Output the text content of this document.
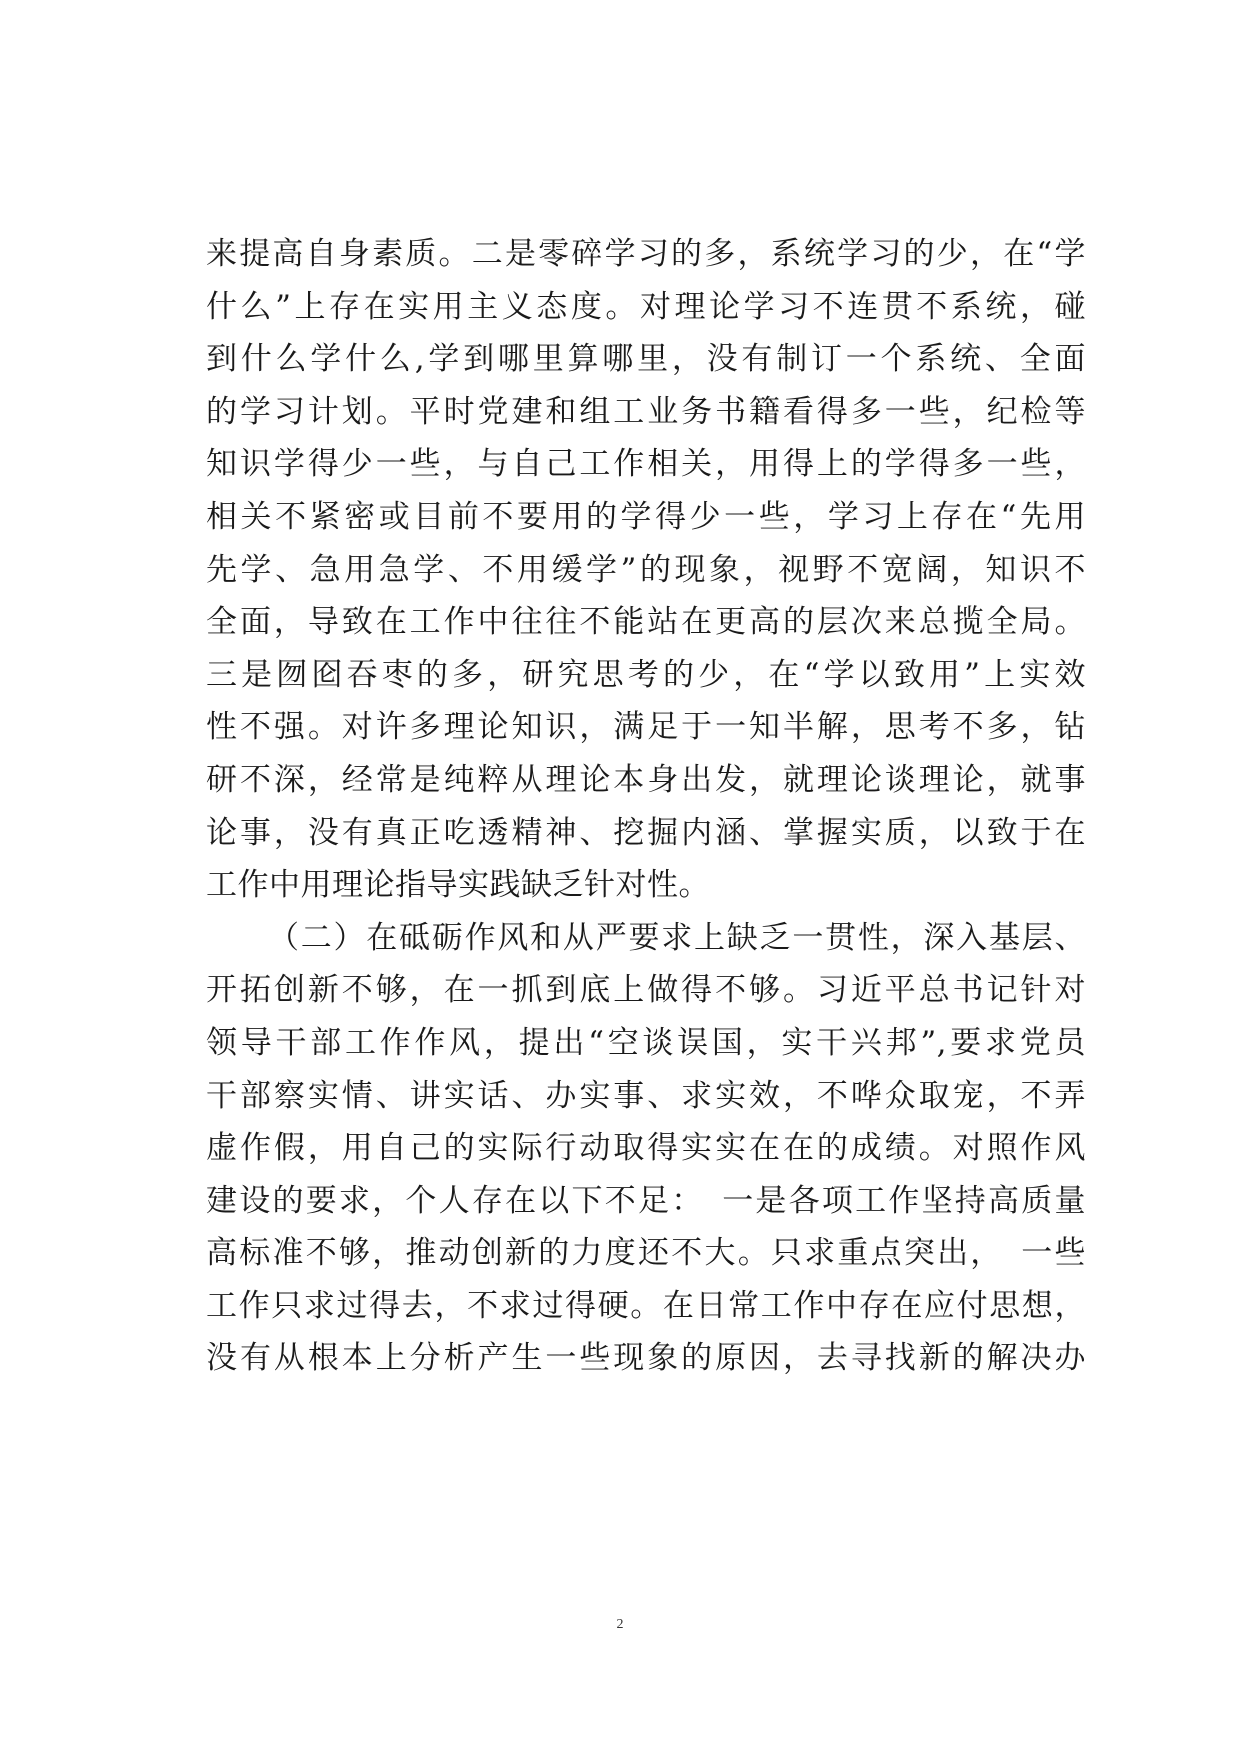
来提高自身素质。二是零碎学习的多，系统学习的少，在“学
什么”上存在实用主义态度。对理论学习不连贯不系统，碰
到什么学什么,学到哪里算哪里，没有制订一个系统、全面
的学习计划。平时党建和组工业务书籍看得多一些，纪检等
知识学得少一些，与自己工作相关，用得上的学得多一些，
相关不紧密或目前不要用的学得少一些，学习上存在“先用
先学、急用急学、不用缓学”的现象，视野不宽阔，知识不
全面，导致在工作中往往不能站在更高的层次来总揽全局。
三是囫囵吞枣的多，研究思考的少，在“学以致用”上实效
性不强。对许多理论知识，满足于一知半解，思考不多，钻
研不深，经常是纯粹从理论本身出发，就理论谈理论，就事
论事，没有真正吃透精神、挖掘内涵、掌握实质，以致于在
工作中用理论指导实践缺乏针对性。
（二）在砥砺作风和从严要求上缺乏一贯性，深入基层、
开拓创新不够，在一抓到底上做得不够。习近平总书记针对
领导干部工作作风，提出“空谈误国，实干兴邦”,要求党员
干部察实情、讲实话、办实事、求实效，不哗众取宠，不弄
虚作假，用自己的实际行动取得实实在在的成绩。对照作风
建设的要求，个人存在以下不足：　一是各项工作坚持高质量
高标准不够，推动创新的力度还不大。只求重点突出，　一些
工作只求过得去，不求过得硬。在日常工作中存在应付思想，
没有从根本上分析产生一些现象的原因，去寻找新的解决办
2
